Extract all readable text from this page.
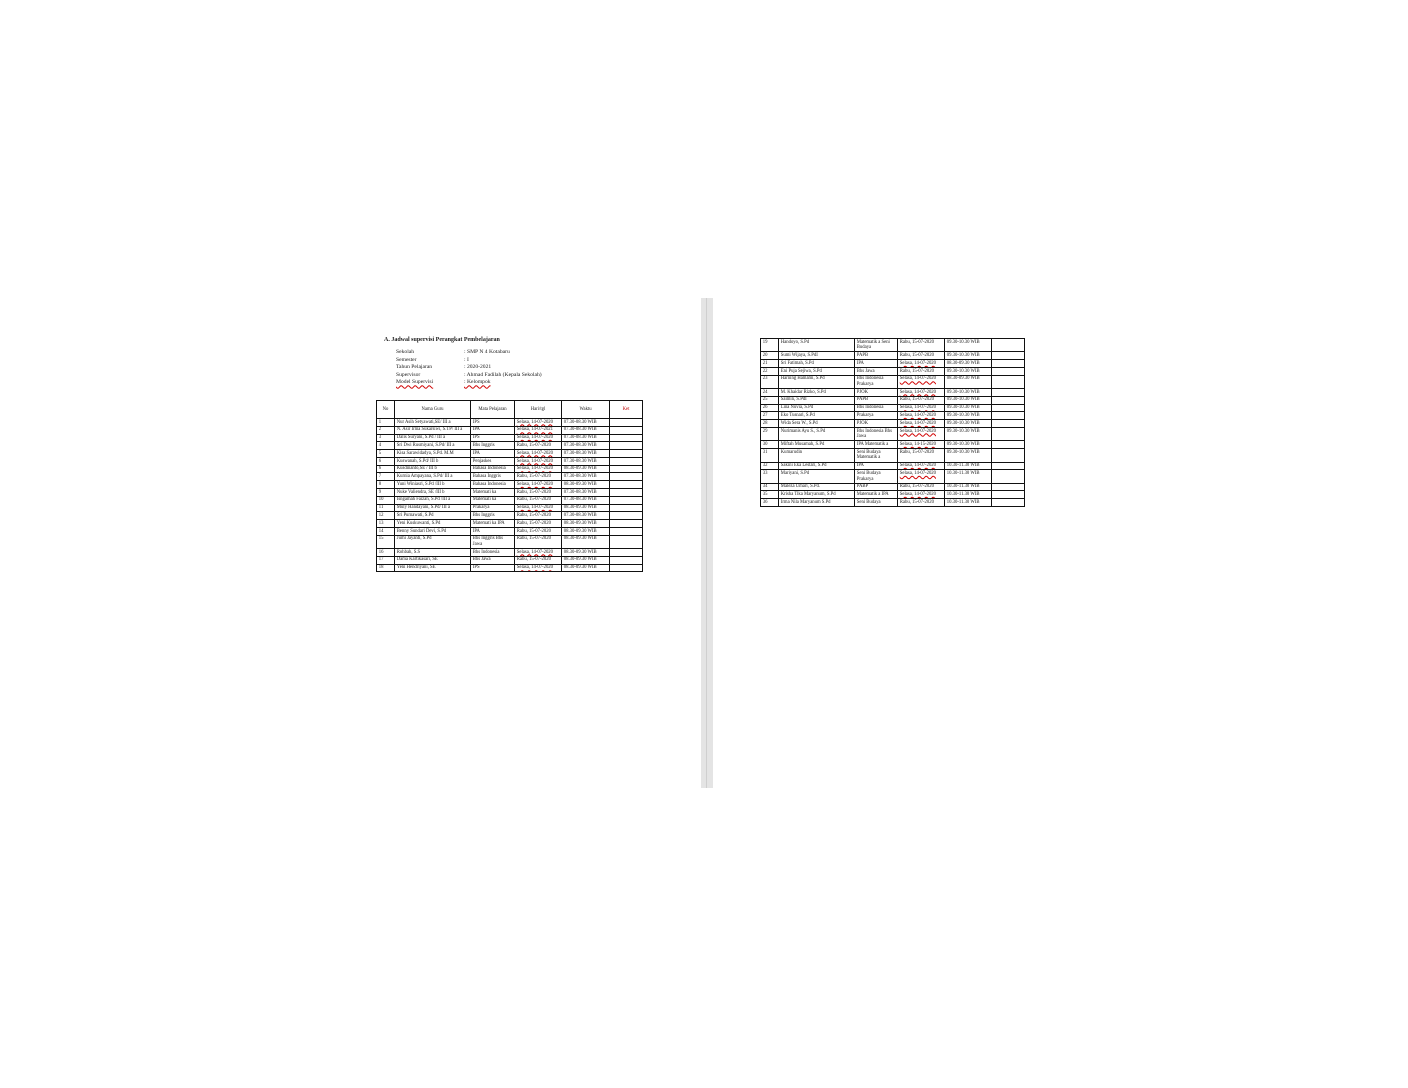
A. Jadwal supervisi Perangkat Pembelajaran
Sekolah	: SMP N 4 Kotabaru
Semester	: I
Tahun Pelajaran	: 2020-2021
Supervisor	: Ahmad Fadilah (Kepala Sekolah)
Model Supervisi	: Kelompok
No	Nama Guru	Mata Pelajaran	Hari/tgl	Waktu	Ket
1	Nur Asih Setyawati,SE/ III a	IPS	Selasa, 14-07-2020	07.30-08.30 WIB	
2	N. Asir Irma Sukarsiwi, S.TP/ III a	IPA	Selasa, 14-07-2021	07.30-08.30 WIB	
3	Dalis Suryani, S.Pd / III a	IPS	Selasa, 14-07-2020	07.30-08.30 WIB	
4	Sri Dwi Rusmiyani, S.Pd/ III a	Bhs Inggris	Rabu, 15-07-2020	07.30-08.30 WIB	
5	Kisa Sarawidadya, S.Pd. M.M	IPA	Selasa, 14-07-2020	07.30-08.30 WIB	
6	Kuswanah, S.Pd/ III b	Penjaskes	Selasa, 14-07-2020	07.30-08.30 WIB	
6	Kusdinanto,SE / III b	Bahasa Indonesia	Selasa, 14-07-2020	08.30-09.30 WIB	
7	Kurnia Ampayana, S.Pd/ III a	Bahasa Inggris	Rabu, 15-07-2020	07.30-08.30 WIB	
8	Yuni Winiasri, S.Pd /III b	Bahasa Indonesia	Selasa, 14-07-2020	08.30-09.30 WIB	
9	Nuke Valiendra, SE /III b	Matemati ka	Rabu, 15-07-2020	07.30-08.30 WIB	
10	Isngamah Faizah, S.Pd /III a	Matemati ka	Rabu, 15-07-2020	07.30-08.30 WIB	
11	Muly Handayani, S.Pd/ III a	Prakarya	Selasa, 14-07-2020	08.30-09.30 WIB	
12	Sri Purnawati, S.Pd	Bhs Inggris	Rabu, 15-07-2020	07.30-08.30 WIB	
13	Yeni Kuskuwanti, S.Pd	Matemati ka IPA	Rabu, 15-07-2020	08.30-09.30 WIB	
14	Benny Sundari Devi, S.Pd	IPA	Rabu, 15-07-2020	08.30-09.30 WIB	
15	Jumi Jayanti, S.Pd	Bhs Inggris Bhs Jawa	Rabu, 15-07-2020	08.30-09.30 WIB	
16	Rohbah, S.S	Bhs Indonesia	Selasa, 14-07-2020	08.30-09.30 WIB	
17	Dama Kartikasari, SE	Bhs Jawa	Rabu, 15-07-2020	08.30-09.30 WIB	
18	Yeni Hendriyani, SE	IPS	Selasa, 14-07-2020	08.30-09.30 WIB	
19	Handoyo, S.Pd	Matematik a Seni Budaya	Rabu, 15-07-2020	09.30-10.30 WIB	
20	Sumi Wijaya, S.PdI	PAPB	Rabu, 15-07-2020	09.30-10.30 WIB	
21	Sri Fatimah, S.Pd	IPA	Selasa, 14-07-2020	08.30-09.30 WIB	
22	Eni Puja Sejiwa, S.Pd	Bhs Jawa	Rabu, 15-07-2020	09.30-10.30 WIB	
23	Harning Hamami, S.Pd	Bhs Indonesia Prakarya	Selasa, 14-07-2020	08.30-09.30 WIB	
24	M. Khaidar Rizko, S.Pd	PJOK	Selasa, 14-07-2020	09.30-10.30 WIB	
25	Saimin, S.PdI	PAPB	Rabu, 15-07-2020	09.30-10.30 WIB	
26	Lina Nuvia, S.Pd	Bhs Indonesia	Selasa, 14-07-2020	09.30-10.30 WIB	
27	Eko Tusnari, S.Pd	Prakarya	Selasa, 14-07-2020	09.30-10.30 WIB	
28	Wida Sera W., S.Pd	PJOK	Selasa, 14-07-2020	09.30-10.30 WIB	
29	Nurimanis Ayu S., S.Pd	Bhs Indonesia Bhs Jawa	Selasa, 14-07-2020	09.30-10.30 WIB	
30	Miftah Musamah, S.Pd	IPA Matematik a	Selasa, 14-15-2020	09.30-10.30 WIB	
31	Kumarudin	Seni Budaya Matematik a	Rabu, 15-07-2020	09.30-10.30 WIB	
32	Sakini Eka Lestari, S.Pd	IPA	Selasa, 14-07-2020	10.30-11.30 WIB	
33	Mariyani, S.Pd	Seni Budaya Prakarya	Selasa, 14-07-2020	10.30-11.30 WIB	
34	Maleza Umari, S.Pd.	PABP	Rabu, 15-07-2020	10.30-11.30 WIB	
35	Krisha Tika Maryanum, S.Pd	Matematik a IPA	Selasa, 14-07-2020	10.30-11.30 WIB	
36	Irma Nila Maryanum S.Pd	Seni Budaya	Rabu, 15-07-2020	10.30-11.30 WIB	
